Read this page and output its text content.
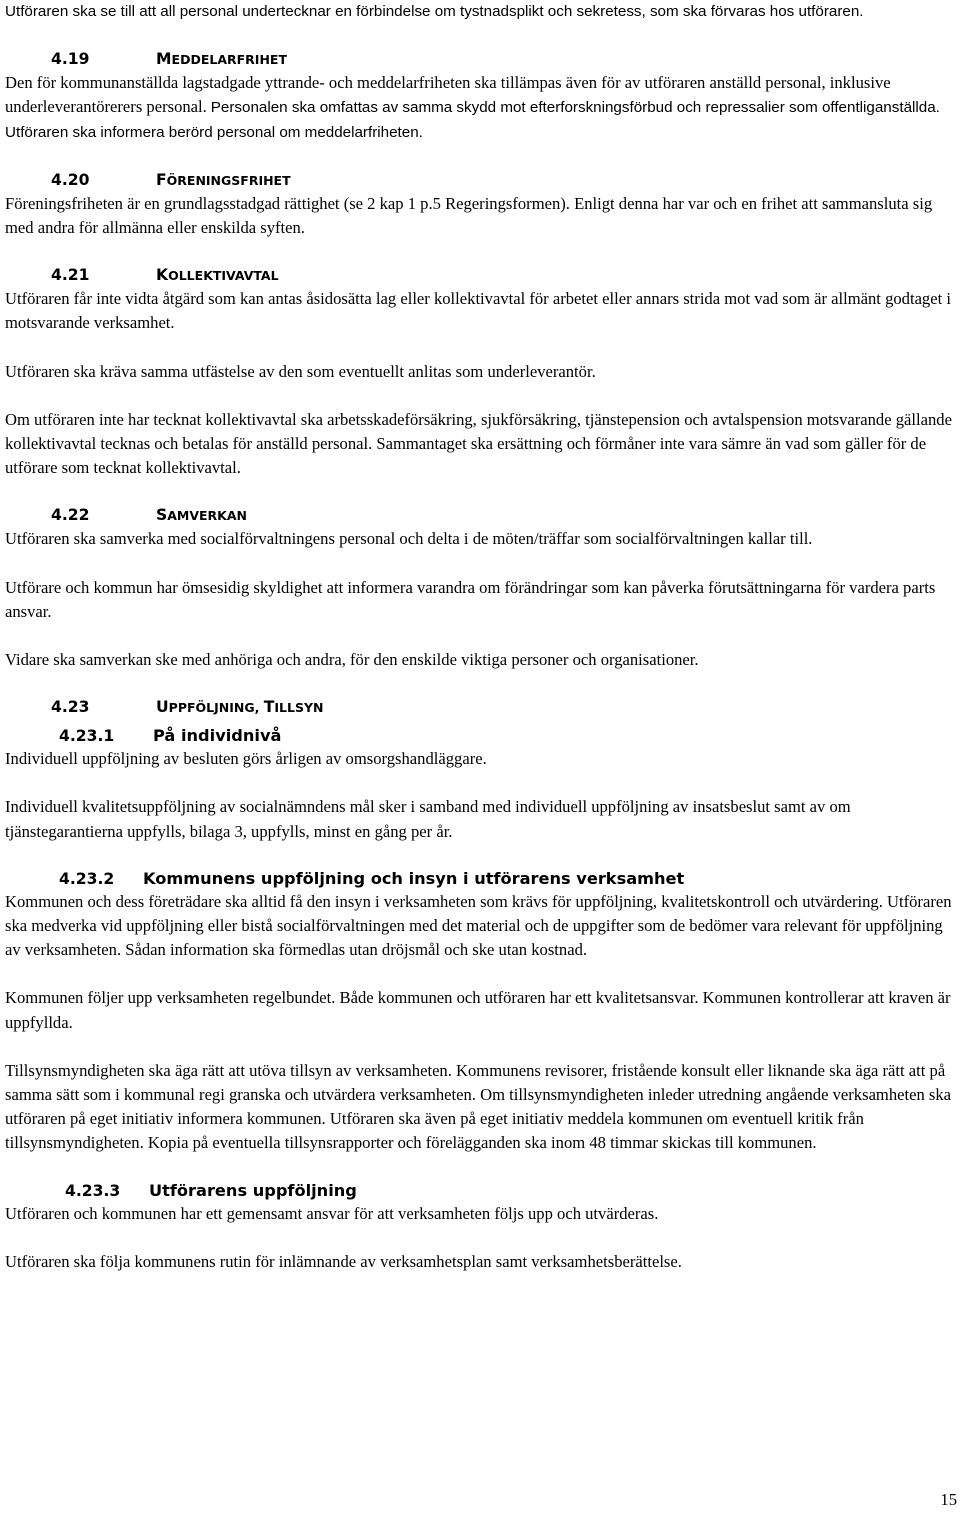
Utföraren ska se till att all personal undertecknar en förbindelse om tystnadsplikt och sekretess, som ska förvaras hos utföraren.

4.19	MEDDELARFRIHET

Den för kommunanställda lagstadgade yttrande- och meddelarfriheten ska tillämpas även för av utföraren anställd personal, inklusive underleverantörerers personal. Personalen ska omfattas av samma skydd mot efterforskningsförbud och repressalier som offentliganställda. Utföraren ska informera berörd personal om meddelarfriheten.

4.20	FÖRENINGSFRIHET

Föreningsfriheten är en grundlagsstadgad rättighet (se 2 kap 1 p.5 Regeringsformen). Enligt denna har var och en frihet att sammansluta sig med andra för allmänna eller enskilda syften.

4.21	KOLLEKTIVAVTAL

Utföraren får inte vidta åtgärd som kan antas åsidosätta lag eller kollektivavtal för arbetet eller annars strida mot vad som är allmänt godtaget i motsvarande verksamhet.

Utföraren ska kräva samma utfästelse av den som eventuellt anlitas som underleverantör.

Om utföraren inte har tecknat kollektivavtal ska arbetsskadeförsäkring, sjukförsäkring, tjänstepension och avtalspension motsvarande gällande kollektivavtal tecknas och betalas för anställd personal. Sammantaget ska ersättning och förmåner inte vara sämre än vad som gäller för de utförare som tecknat kollektivavtal.

4.22	SAMVERKAN

Utföraren ska samverka med socialförvaltningens personal och delta i de möten/träffar som socialförvaltningen kallar till.

Utförare och kommun har ömsesidig skyldighet att informera varandra om förändringar som kan påverka förutsättningarna för vardera parts ansvar.

Vidare ska samverkan ske med anhöriga och andra, för den enskilde viktiga personer och organisationer.

4.23	UPPFÖLJNING, TILLSYN
4.23.1 På individnivå

Individuell uppföljning av besluten görs årligen av omsorgshandläggare.

Individuell kvalitetsuppföljning av socialnämndens mål sker i samband med individuell uppföljning av insatsbeslut samt av om tjänstegarantierna uppfylls, bilaga 3, uppfylls, minst en gång per år.

4.23.2 Kommunens uppföljning och insyn i utförarens verksamhet

Kommunen och dess företrädare ska alltid få den insyn i verksamheten som krävs för uppföljning, kvalitetskontroll och utvärdering. Utföraren ska medverka vid uppföljning eller bistå socialförvaltningen med det material och de uppgifter som de bedömer vara relevant för uppföljning av verksamheten. Sådan information ska förmedlas utan dröjsmål och ske utan kostnad.

Kommunen följer upp verksamheten regelbundet. Både kommunen och utföraren har ett kvalitetsansvar. Kommunen kontrollerar att kraven är uppfyllda.

Tillsynsmyndigheten ska äga rätt att utöva tillsyn av verksamheten. Kommunens revisorer, fristående konsult eller liknande ska äga rätt att på samma sätt som i kommunal regi granska och utvärdera verksamheten. Om tillsynsmyndigheten inleder utredning angående verksamheten ska utföraren på eget initiativ informera kommunen. Utföraren ska även på eget initiativ meddela kommunen om eventuell kritik från tillsynsmyndigheten. Kopia på eventuella tillsynsrapporter och förelägganden ska inom 48 timmar skickas till kommunen.

4.23.3 Utförarens uppföljning

Utföraren och kommunen har ett gemensamt ansvar för att verksamheten följs upp och utvärderas.

Utföraren ska följa kommunens rutin för inlämnande av verksamhetsplan samt verksamhetsberättelse.

15
